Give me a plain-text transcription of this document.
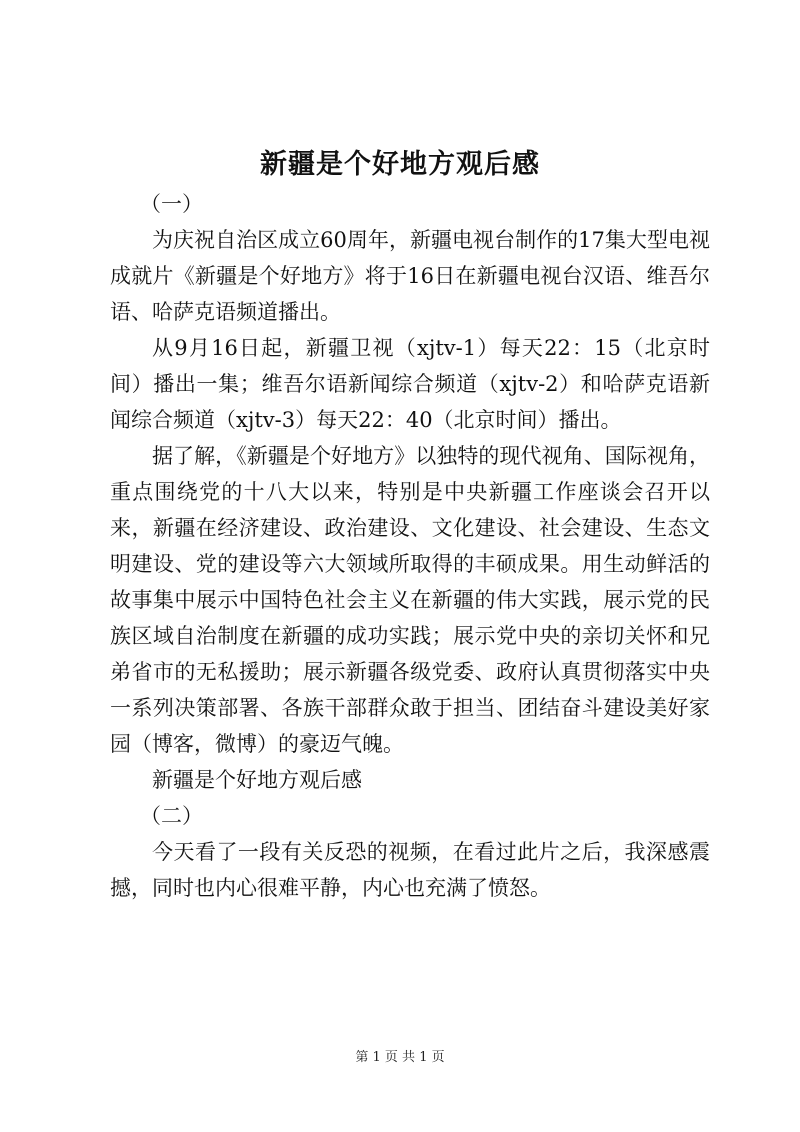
新疆是个好地方观后感

（一）

为庆祝自治区成立60周年，新疆电视台制作的17集大型电视成就片《新疆是个好地方》将于16日在新疆电视台汉语、维吾尔语、哈萨克语频道播出。

从9月16日起，新疆卫视（xjtv-1）每天22：15（北京时间）播出一集；维吾尔语新闻综合频道（xjtv-2）和哈萨克语新闻综合频道（xjtv-3）每天22：40（北京时间）播出。

据了解，《新疆是个好地方》以独特的现代视角、国际视角，重点围绕党的十八大以来，特别是中央新疆工作座谈会召开以来，新疆在经济建设、政治建设、文化建设、社会建设、生态文明建设、党的建设等六大领域所取得的丰硕成果。用生动鲜活的故事集中展示中国特色社会主义在新疆的伟大实践，展示党的民族区域自治制度在新疆的成功实践；展示党中央的亲切关怀和兄弟省市的无私援助；展示新疆各级党委、政府认真贯彻落实中央一系列决策部署、各族干部群众敢于担当、团结奋斗建设美好家园（博客，微博）的豪迈气魄。

新疆是个好地方观后感

（二）

今天看了一段有关反恐的视频，在看过此片之后，我深感震撼，同时也内心很难平静，内心也充满了愤怒。

第 1 页 共 1 页
